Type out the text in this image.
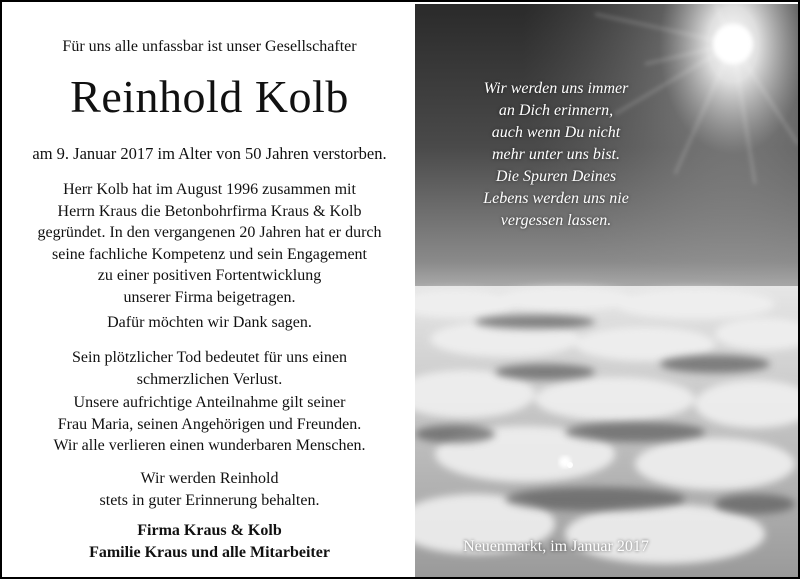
Für uns alle unfassbar ist unser Gesellschafter
Reinhold Kolb
am 9. Januar 2017 im Alter von 50 Jahren verstorben.
Herr Kolb hat im August 1996 zusammen mit
Herrn Kraus die Betonbohrfirma Kraus & Kolb
gegründet. In den vergangenen 20 Jahren hat er durch
seine fachliche Kompetenz und sein Engagement
zu einer positiven Fortentwicklung
unserer Firma beigetragen.
Dafür möchten wir Dank sagen.
Sein plötzlicher Tod bedeutet für uns einen
schmerzlichen Verlust.
Unsere aufrichtige Anteilnahme gilt seiner
Frau Maria, seinen Angehörigen und Freunden.
Wir alle verlieren einen wunderbaren Menschen.
Wir werden Reinhold
stets in guter Erinnerung behalten.
Firma Kraus & Kolb
Familie Kraus und alle Mitarbeiter
Wir werden uns immer
an Dich erinnern,
auch wenn Du nicht
mehr unter uns bist.
Die Spuren Deines
Lebens werden uns nie
vergessen lassen.
Neuenmarkt, im Januar 2017
